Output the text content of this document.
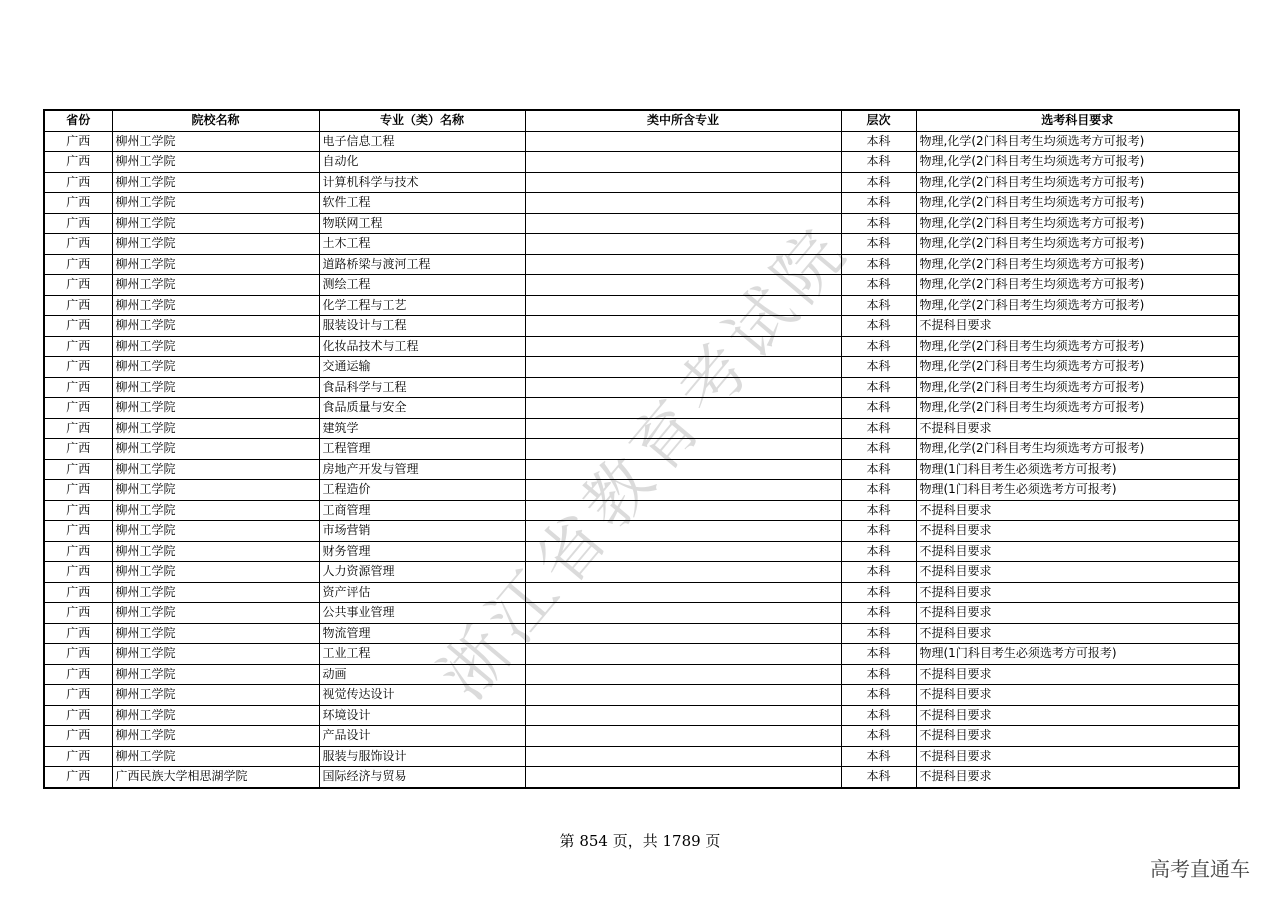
省份	院校名称	专业（类）名称	类中所含专业	层次	选考科目要求
广西	柳州工学院	电子信息工程		本科	物理,化学(2门科目考生均须选考方可报考)
广西	柳州工学院	自动化		本科	物理,化学(2门科目考生均须选考方可报考)
广西	柳州工学院	计算机科学与技术		本科	物理,化学(2门科目考生均须选考方可报考)
广西	柳州工学院	软件工程		本科	物理,化学(2门科目考生均须选考方可报考)
广西	柳州工学院	物联网工程		本科	物理,化学(2门科目考生均须选考方可报考)
广西	柳州工学院	土木工程		本科	物理,化学(2门科目考生均须选考方可报考)
广西	柳州工学院	道路桥梁与渡河工程		本科	物理,化学(2门科目考生均须选考方可报考)
广西	柳州工学院	测绘工程		本科	物理,化学(2门科目考生均须选考方可报考)
广西	柳州工学院	化学工程与工艺		本科	物理,化学(2门科目考生均须选考方可报考)
广西	柳州工学院	服装设计与工程		本科	不提科目要求
广西	柳州工学院	化妆品技术与工程		本科	物理,化学(2门科目考生均须选考方可报考)
广西	柳州工学院	交通运输		本科	物理,化学(2门科目考生均须选考方可报考)
广西	柳州工学院	食品科学与工程		本科	物理,化学(2门科目考生均须选考方可报考)
广西	柳州工学院	食品质量与安全		本科	物理,化学(2门科目考生均须选考方可报考)
广西	柳州工学院	建筑学		本科	不提科目要求
广西	柳州工学院	工程管理		本科	物理,化学(2门科目考生均须选考方可报考)
广西	柳州工学院	房地产开发与管理		本科	物理(1门科目考生必须选考方可报考)
广西	柳州工学院	工程造价		本科	物理(1门科目考生必须选考方可报考)
广西	柳州工学院	工商管理		本科	不提科目要求
广西	柳州工学院	市场营销		本科	不提科目要求
广西	柳州工学院	财务管理		本科	不提科目要求
广西	柳州工学院	人力资源管理		本科	不提科目要求
广西	柳州工学院	资产评估		本科	不提科目要求
广西	柳州工学院	公共事业管理		本科	不提科目要求
广西	柳州工学院	物流管理		本科	不提科目要求
广西	柳州工学院	工业工程		本科	物理(1门科目考生必须选考方可报考)
广西	柳州工学院	动画		本科	不提科目要求
广西	柳州工学院	视觉传达设计		本科	不提科目要求
广西	柳州工学院	环境设计		本科	不提科目要求
广西	柳州工学院	产品设计		本科	不提科目要求
广西	柳州工学院	服装与服饰设计		本科	不提科目要求
广西	广西民族大学相思湖学院	国际经济与贸易		本科	不提科目要求
浙江省教育考试院
第 854 页，共 1789 页
高考直通车
